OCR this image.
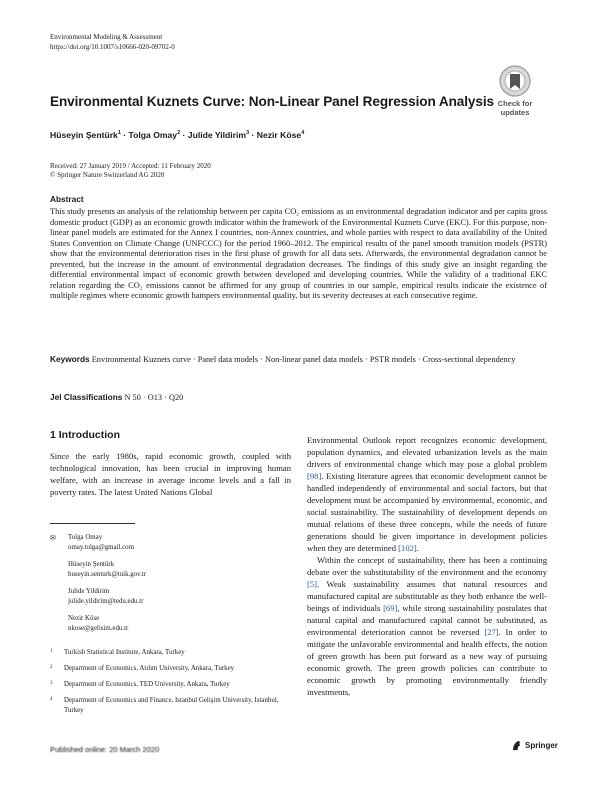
Environmental Modeling & Assessment
https://doi.org/10.1007/s10666-020-09702-0
Environmental Kuznets Curve: Non-Linear Panel Regression Analysis Check for
updates
Hüseyin Şentürk$^1$ · Tolga Omay$^2$ · Julide Yildirim$^3$ · Nezir Köse$^4$
Received: 27 January 2019 / Accepted: 11 February 2020
© Springer Nature Switzerland AG 2020
Abstract
This study presents an analysis of the relationship between per capita CO₂ emissions as an environmental degradation indicator and per capita gross domestic product (GDP) as an economic growth indicator within the framework of the Environmental Kuznets Curve (EKC). For this purpose, non-linear panel models are estimated for the Annex I countries, non-Annex countries, and whole parties with respect to data availability of the United States Convention on Climate Change (UNFCCC) for the period 1960–2012. The empirical results of the panel smooth transition models (PSTR) show that the environmental deterioration rises in the first phase of growth for all data sets. Afterwards, the environmental degradation cannot be prevented, but the increase in the amount of environmental degradation decreases. The findings of this study give an insight regarding the differential environmental impact of economic growth between developed and developing countries. While the validity of a traditional EKC relation regarding the CO₂ emissions cannot be affirmed for any group of countries in our sample, empirical results indicate the existence of multiple regimes where economic growth hampers environmental quality, but its severity decreases at each consecutive regime.
Keywords Environmental Kuznets curve · Panel data models · Non-linear panel data models · PSTR models · Cross-sectional dependency
Jel Classifications N 50 · O13 · Q20
1 Introduction
Since the early 1980s, rapid economic growth, coupled with technological innovation, has been crucial in improving human welfare, with an increase in average income levels and a fall in poverty rates. The latest United Nations Global
✉	Tolga Omay
omay.tolga@gmail.com
Hüseyin Şentürk
huseyin.senturk@tuik.gov.tr
Julide Yildirim
julide.yildirim@tedu.edu.tr
Nezir Köse
nkose@gelisim.edu.tr
1	Turkish Statistical Institute, Ankara, Turkey
2	Department of Economics, Atılım University, Ankara, Turkey
3	Department of Economics, TED University, Ankara, Turkey
4	Department of Economics and Finance, Istanbul Gelişim University, Istanbul, Turkey

Environmental Outlook report recognizes economic development, population dynamics, and elevated urbanization levels as the main drivers of environmental change which may pose a global problem [98]. Existing literature agrees that economic development cannot be handled independently of environmental and social factors, but that development must be accompanied by environmental, economic, and social sustainability. The sustainability of development depends on mutual relations of these three concepts, while the needs of future generations should be given importance in development policies when they are determined [102].

Within the concept of sustainability, there has been a continuing debate over the substitutability of the environment and the economy [5]. Weak sustainability assumes that natural resources and manufactured capital are substitutable as they both enhance the well-beings of individuals [69], while strong sustainability postulates that natural capital and manufactured capital cannot be substituted, as environmental deterioration cannot be reversed [27]. In order to mitigate the unfavorable environmental and health effects, the notion of green growth has been put forward as a new way of pursuing economic growth. The green growth policies can contribute to economic growth by promoting environmentally friendly investments,

Published online: 20 March 2020	Springer
